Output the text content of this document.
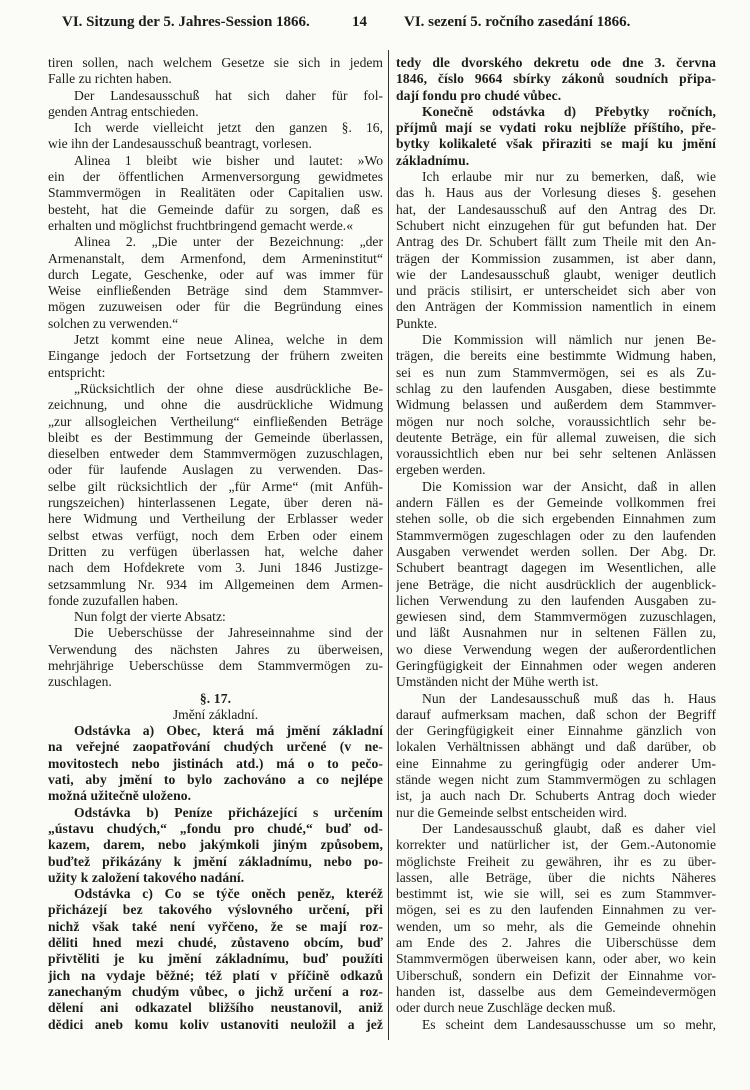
VI. Sitzung der 5. Jahres-Session 1866.	14 VI. sezení 5. ročního zasedání 1866.
tiren sollen, nach welchem Gesetze sie sich in jedem
Falle zu richten haben.
Der Landesausschuß hat sich daher für fol-
genden Antrag entschieden.
Ich werde vielleicht jetzt den ganzen §. 16,
wie ihn der Landesausschuß beantragt, vorlesen.
Alinea 1 bleibt wie bisher und lautet: »Wo
ein der öffentlichen Armenversorgung gewidmetes
Stammvermögen in Realitäten oder Capitalien usw.
besteht, hat die Gemeinde dafür zu sorgen, daß es
erhalten und möglichst fruchtbringend gemacht werde.«
Alinea 2. „Die unter der Bezeichnung: „der
Armenanstalt, dem Armenfond, dem Armeninstitut“
durch Legate, Geschenke, oder auf was immer für
Weise einfließenden Beträge sind dem Stammver-
mögen zuzuweisen oder für die Begründung eines
solchen zu verwenden.“
Jetzt kommt eine neue Alinea, welche in dem
Eingange jedoch der Fortsetzung der frühern zweiten
entspricht:
„Rücksichtlich der ohne diese ausdrückliche Be-
zeichnung, und ohne die ausdrückliche Widmung
„zur allsogleichen Vertheilung“ einfließenden Beträge
bleibt es der Bestimmung der Gemeinde überlassen,
dieselben entweder dem Stammvermögen zuzuschlagen,
oder für laufende Auslagen zu verwenden. Das-
selbe gilt rücksichtlich der „für Arme“ (mit Anfüh-
rungszeichen) hinterlassenen Legate, über deren nä-
here Widmung und Vertheilung der Erblasser weder
selbst etwas verfügt, noch dem Erben oder einem
Dritten zu verfügen überlassen hat, welche daher
nach dem Hofdekrete vom 3. Juni 1846 Justizge-
setzsammlung Nr. 934 im Allgemeinen dem Armen-
fonde zuzufallen haben.
Nun folgt der vierte Absatz:
Die Ueberschüsse der Jahreseinnahme sind der
Verwendung des nächsten Jahres zu überweisen,
mehrjährige Ueberschüsse dem Stammvermögen zu-
zuschlagen.
§. 17.
Jmění základní.
Odstávka a) Obec, která má jmění základní
na veřejné zaopatřování chudých určené (v ne-
movitostech nebo jistinách atd.) má o to pečo-
vati, aby jmění to bylo zachováno a co nejlépe
možná užitečně uloženo.
Odstávka b) Peníze přicházející s určením
„ústavu chudých,“ „fondu pro chudé,“ buď od-
kazem, darem, nebo jakýmkoli jiným způsobem,
buďtež přikázány k jmění základnímu, nebo po-
užity k založení takového nadání.
Odstávka c) Co se týče oněch peněz, kteréž
přicházejí bez takového výslovného určení, při
nichž však také není vyřčeno, že se mají roz-
děliti hned mezi chudé, zůstaveno obcím, buď
přivtěliti je ku jmění základnímu, buď použíti
jich na vydaje běžné; též platí v příčině odkazů
zanechaným chudým vůbec, o jichž určení a roz-
dělení ani odkazatel bližšího neustanovil, aniž
dědici aneb komu koliv ustanoviti neuložil a jež
tedy dle dvorského dekretu ode dne 3. června
1846, číslo 9664 sbírky zákonů soudních připa-
dají fondu pro chudé vůbec.
Konečně odstávka d) Přebytky ročních,
příjmů mají se vydati roku nejblíže příštího, pře-
bytky kolikaleté však přiraziti se mají ku jmění
základnímu.
Ich erlaube mir nur zu bemerken, daß, wie
das h. Haus aus der Vorlesung dieses §. gesehen
hat, der Landesausschuß auf den Antrag des Dr.
Schubert nicht einzugehen für gut befunden hat. Der
Antrag des Dr. Schubert fällt zum Theile mit den An-
trägen der Kommission zusammen, ist aber dann,
wie der Landesausschuß glaubt, weniger deutlich
und präcis stilisirt, er unterscheidet sich aber von
den Anträgen der Kommission namentlich in einem
Punkte.
Die Kommission will nämlich nur jenen Be-
trägen, die bereits eine bestimmte Widmung haben,
sei es nun zum Stammvermögen, sei es als Zu-
schlag zu den laufenden Ausgaben, diese bestimmte
Widmung belassen und außerdem dem Stammver-
mögen nur noch solche, voraussichtlich sehr be-
deutente Beträge, ein für allemal zuweisen, die sich
voraussichtlich eben nur bei sehr seltenen Anlässen
ergeben werden.
Die Komission war der Ansicht, daß in allen
andern Fällen es der Gemeinde vollkommen frei
stehen solle, ob die sich ergebenden Einnahmen zum
Stammvermögen zugeschlagen oder zu den laufenden
Ausgaben verwendet werden sollen. Der Abg. Dr.
Schubert beantragt dagegen im Wesentlichen, alle
jene Beträge, die nicht ausdrücklich der augenblick-
lichen Verwendung zu den laufenden Ausgaben zu-
gewiesen sind, dem Stammvermögen zuzuschlagen,
und läßt Ausnahmen nur in seltenen Fällen zu,
wo diese Verwendung wegen der außerordentlichen
Geringfügigkeit der Einnahmen oder wegen anderen
Umständen nicht der Mühe werth ist.
Nun der Landesausschuß muß das h. Haus
darauf aufmerksam machen, daß schon der Begriff
der Geringfügigkeit einer Einnahme gänzlich von
lokalen Verhältnissen abhängt und daß darüber, ob
eine Einnahme zu geringfügig oder anderer Um-
stände wegen nicht zum Stammvermögen zu schlagen
ist, ja auch nach Dr. Schuberts Antrag doch wieder
nur die Gemeinde selbst entscheiden wird.
Der Landesausschuß glaubt, daß es daher viel
korrekter und natürlicher ist, der Gem.-Autonomie
möglichste Freiheit zu gewähren, ihr es zu über-
lassen, alle Beträge, über die nichts Näheres
bestimmt ist, wie sie will, sei es zum Stammver-
mögen, sei es zu den laufenden Einnahmen zu ver-
wenden, um so mehr, als die Gemeinde ohnehin
am Ende des 2. Jahres die Uiberschüsse dem
Stammvermögen überweisen kann, oder aber, wo kein
Uiberschuß, sondern ein Defizit der Einnahme vor-
handen ist, dasselbe aus dem Gemeindevermögen
oder durch neue Zuschläge decken muß.
Es scheint dem Landesausschusse um so mehr,
